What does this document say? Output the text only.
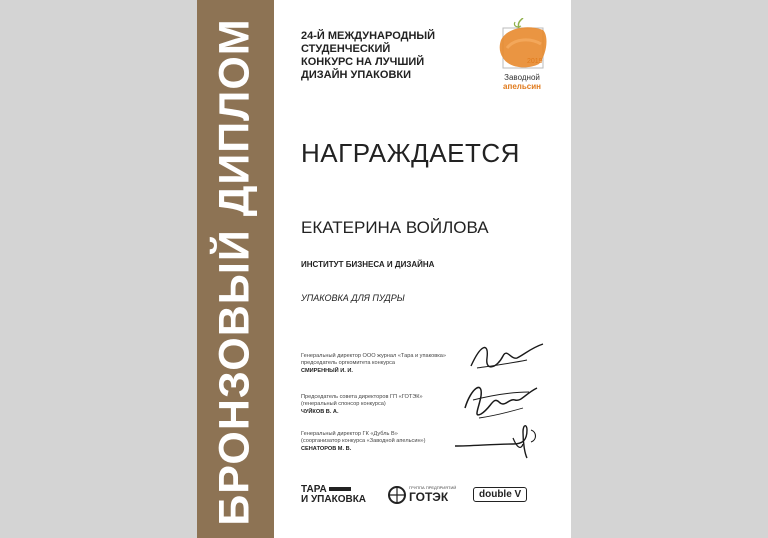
БРОНЗОВЫЙ ДИПЛОМ	24-Й МЕЖДУНАРОДНЫЙ
СТУДЕНЧЕСКИЙ
КОНКУРС НА ЛУЧШИЙ
ДИЗАЙН УПАКОВКИ
2019
Заводной
апельсин
НАГРАЖДАЕТСЯ
ЕКАТЕРИНА ВОЙЛОВА
ИНСТИТУТ БИЗНЕСА И ДИЗАЙНА
УПАКОВКА ДЛЯ ПУДРЫ
Генеральный директор ООО журнал «Тара и упаковка»
председатель оргкомитета конкурса
СМИРЕННЫЙ И. И.
Председатель совета директоров ГП «ГОТЭК»
(генеральный спонсор конкурса)
ЧУЙКОВ В. А.
Генеральный директор ГК «Дубль В»
(соорганизатор конкурса «Заводной апельсин»)
СЕНАТОРОВ М. В.
ТАРА
И УПАКОВКА
ГРУППА ПРЕДПРИЯТИЙ
ГОТЭК	double V
